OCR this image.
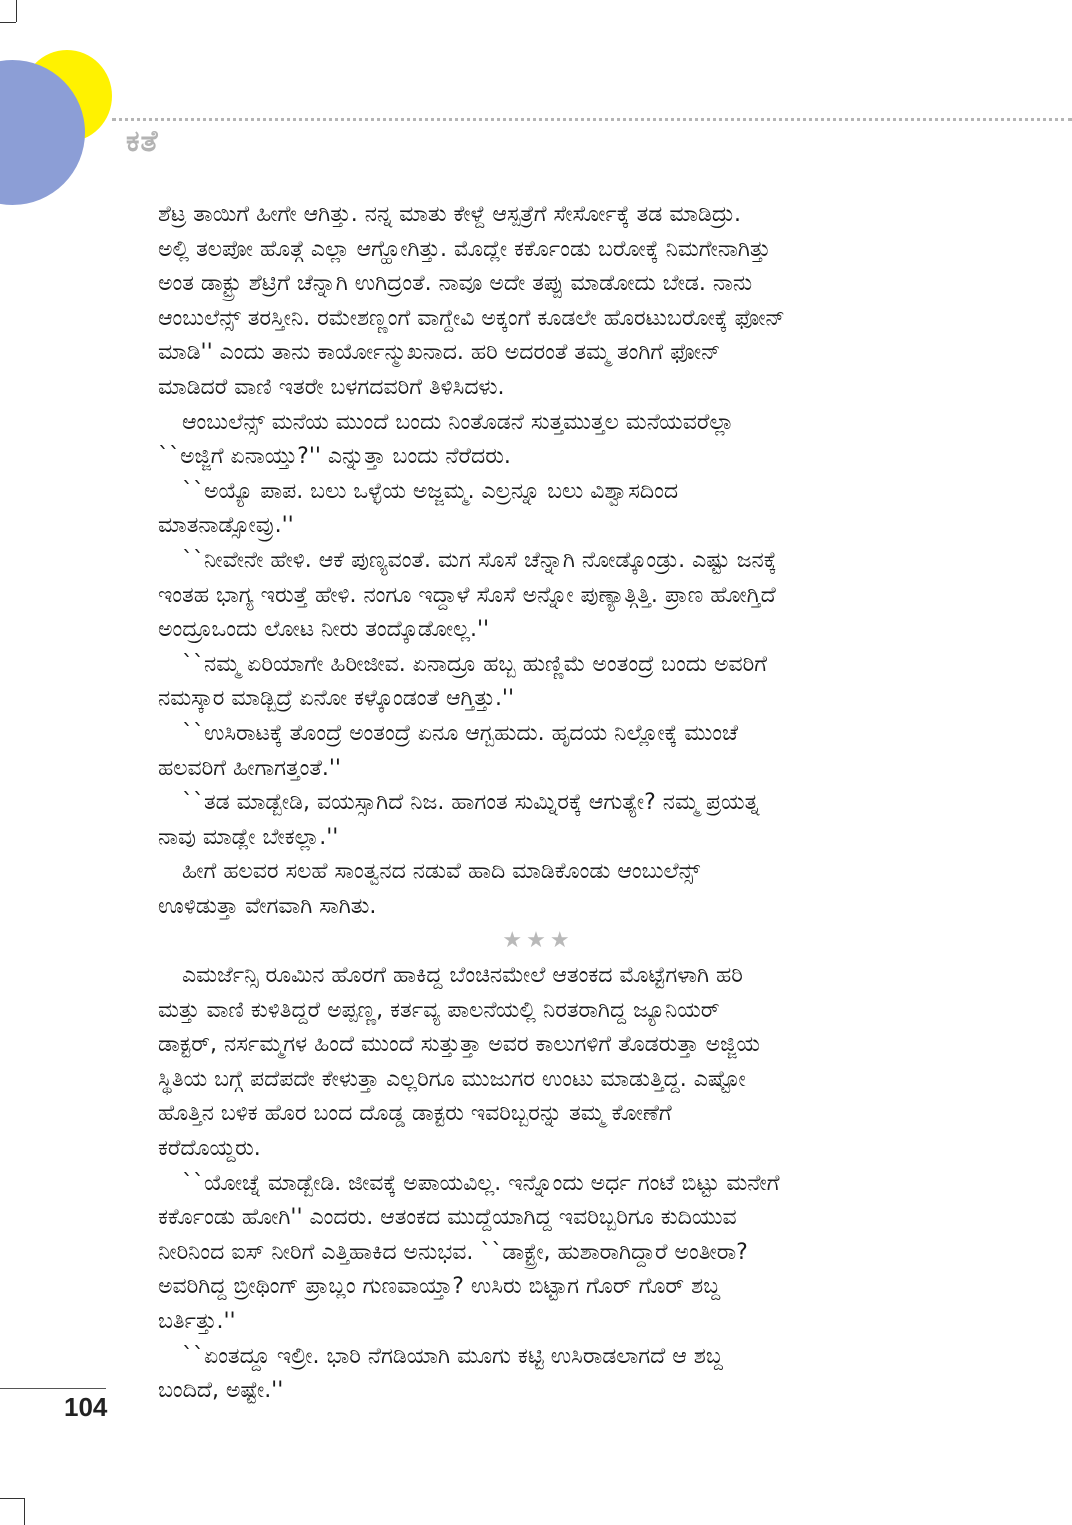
ಕತೆ

ಶೆಟ್ರ ತಾಯಿಗೆ ಹೀಗೇ ಆಗಿತ್ತು. ನನ್ನ ಮಾತು ಕೇಳ್ದೆ ಆಸ್ಪತ್ರೆಗೆ ಸೇರ್ಸೋಕ್ಕೆ ತಡ ಮಾಡಿದ್ರು.
ಅಲ್ಲಿ ತಲಪೋ ಹೊತ್ಗೆ ಎಲ್ಲಾ ಆಗ್ಹೋಗಿತ್ತು. ಮೊದ್ಲೇ ಕರ್ಕೊಂಡು ಬರೋಕ್ಕೆ ನಿಮಗೇನಾಗಿತ್ತು
ಅಂತ ಡಾಕ್ಟ್ರು ಶೆಟ್ರಿಗೆ ಚೆನ್ನಾಗಿ ಉಗಿದ್ರಂತೆ. ನಾವೂ ಅದೇ ತಪ್ಪು ಮಾಡೋದು ಬೇಡ. ನಾನು
ಆಂಬುಲೆನ್ಸ್ ತರಸ್ತೀನಿ. ರಮೇಶಣ್ಣಂಗೆ ವಾಗ್ದೇವಿ ಅಕ್ಕಂಗೆ ಕೂಡಲೇ ಹೊರಟುಬರೋಕ್ಕೆ ಫೋನ್
ಮಾಡಿ'' ಎಂದು ತಾನು ಕಾರ್ಯೋನ್ಮುಖನಾದ. ಹರಿ ಅದರಂತೆ ತಮ್ಮ ತಂಗಿಗೆ ಫೋನ್
ಮಾಡಿದರೆ ವಾಣಿ ಇತರೇ ಬಳಗದವರಿಗೆ ತಿಳಿಸಿದಳು.

ಆಂಬುಲೆನ್ಸ್ ಮನೆಯ ಮುಂದೆ ಬಂದು ನಿಂತೊಡನೆ ಸುತ್ತಮುತ್ತಲ ಮನೆಯವರೆಲ್ಲಾ
``ಅಜ್ಜಿಗೆ ಏನಾಯ್ತು?'' ಎನ್ನುತ್ತಾ ಬಂದು ನೆರೆದರು.

``ಅಯ್ಯೊ ಪಾಪ. ಬಲು ಒಳ್ಳೆಯ ಅಜ್ಜಮ್ಮ. ಎಲ್ರನ್ನೂ ಬಲು ವಿಶ್ವಾಸದಿಂದ
ಮಾತನಾಡ್ಸೋವ್ರು.''

``ನೀವೇನೇ ಹೇಳಿ. ಆಕೆ ಪುಣ್ಯವಂತೆ. ಮಗ ಸೊಸೆ ಚೆನ್ನಾಗಿ ನೋಡ್ಕೊಂಡ್ರು. ಎಷ್ಟು ಜನಕ್ಕೆ
ಇಂತಹ ಭಾಗ್ಯ ಇರುತ್ತೆ ಹೇಳಿ. ನಂಗೂ ಇದ್ದಾಳೆ ಸೊಸೆ ಅನ್ನೋ ಪುಣ್ಯಾತ್ಗಿತ್ತಿ. ಪ್ರಾಣ ಹೋಗ್ತಿದೆ
ಅಂದ್ರೂಒಂದು ಲೋಟ ನೀರು ತಂದ್ಕೊಡೋಲ್ಲ.''

``ನಮ್ಮ ಏರಿಯಾಗೇ ಹಿರೀಜೀವ. ಏನಾದ್ರೂ ಹಬ್ಬ ಹುಣ್ಣಿಮೆ ಅಂತಂದ್ರೆ ಬಂದು ಅವರಿಗೆ
ನಮಸ್ಕಾರ ಮಾಡ್ಬಿದ್ರೆ ಏನೋ ಕಳ್ಕೊಂಡಂತೆ ಆಗ್ತಿತ್ತು.''

``ಉಸಿರಾಟಕ್ಕೆ ತೊಂದ್ರೆ ಅಂತಂದ್ರೆ ಏನೂ ಆಗ್ಬಹುದು. ಹೃದಯ ನಿಲ್ಲೋಕ್ಕೆ ಮುಂಚೆ
ಹಲವರಿಗೆ ಹೀಗಾಗತ್ತಂತೆ.''

``ತಡ ಮಾಡ್ಬೇಡಿ, ವಯಸ್ಸಾಗಿದೆ ನಿಜ. ಹಾಗಂತ ಸುಮ್ನಿರಕ್ಕೆ ಆಗುತ್ಯೇ? ನಮ್ಮ ಪ್ರಯತ್ನ
ನಾವು ಮಾಡ್ಲೇ ಬೇಕಲ್ಲಾ.''

ಹೀಗೆ ಹಲವರ ಸಲಹೆ ಸಾಂತ್ವನದ ನಡುವೆ ಹಾದಿ ಮಾಡಿಕೊಂಡು ಆಂಬುಲೆನ್ಸ್
ಊಳಿಡುತ್ತಾ ವೇಗವಾಗಿ ಸಾಗಿತು.

★★★

ಎಮರ್ಜೆನ್ಸಿ ರೂಮಿನ ಹೊರಗೆ ಹಾಕಿದ್ದ ಬೆಂಚಿನಮೇಲೆ ಆತಂಕದ ಮೊಟ್ಟೆಗಳಾಗಿ ಹರಿ
ಮತ್ತು ವಾಣಿ ಕುಳಿತಿದ್ದರೆ ಅಪ್ಪಣ್ಣ, ಕರ್ತವ್ಯ ಪಾಲನೆಯಲ್ಲಿ ನಿರತರಾಗಿದ್ದ ಜ್ಯೂನಿಯರ್
ಡಾಕ್ಟರ್, ನರ್ಸಮ್ಮಗಳ ಹಿಂದೆ ಮುಂದೆ ಸುತ್ತುತ್ತಾ ಅವರ ಕಾಲುಗಳಿಗೆ ತೊಡರುತ್ತಾ ಅಜ್ಜಿಯ
ಸ್ಥಿತಿಯ ಬಗ್ಗೆ ಪದೆಪದೇ ಕೇಳುತ್ತಾ ಎಲ್ಲರಿಗೂ ಮುಜುಗರ ಉಂಟು ಮಾಡುತ್ತಿದ್ದ. ಎಷ್ಟೋ
ಹೊತ್ತಿನ ಬಳಿಕ ಹೊರ ಬಂದ ದೊಡ್ಡ ಡಾಕ್ಟರು ಇವರಿಬ್ಬರನ್ನು ತಮ್ಮ ಕೋಣೆಗೆ
ಕರೆದೊಯ್ದರು.

``ಯೋಚ್ನೆ ಮಾಡ್ಬೇಡಿ. ಜೀವಕ್ಕೆ ಅಪಾಯವಿಲ್ಲ. ಇನ್ನೊಂದು ಅರ್ಧ ಗಂಟೆ ಬಿಟ್ಟು ಮನೇಗೆ
ಕರ್ಕೊಂಡು ಹೋಗಿ'' ಎಂದರು. ಆತಂಕದ ಮುದ್ದೆಯಾಗಿದ್ದ ಇವರಿಬ್ಬರಿಗೂ ಕುದಿಯುವ
ನೀರಿನಿಂದ ಐಸ್ ನೀರಿಗೆ ಎತ್ತಿಹಾಕಿದ ಅನುಭವ. ``ಡಾಕ್ಟ್ರೇ, ಹುಶಾರಾಗಿದ್ದಾರೆ ಅಂತೀರಾ?
ಅವರಿಗಿದ್ದ ಬ್ರೀಥಿಂಗ್ ಪ್ರಾಬ್ಲಂ ಗುಣವಾಯ್ತಾ? ಉಸಿರು ಬಿಟ್ಟಾಗ ಗೊರ್ ಗೊರ್ ಶಬ್ದ
ಬರ್ತಿತ್ತು.''

``ಏಂತದ್ದೂ ಇಲ್ರೀ. ಭಾರಿ ನೆಗಡಿಯಾಗಿ ಮೂಗು ಕಟ್ಟಿ ಉಸಿರಾಡಲಾಗದೆ ಆ ಶಬ್ದ
ಬಂದಿದೆ, ಅಷ್ಟೇ.''

104
